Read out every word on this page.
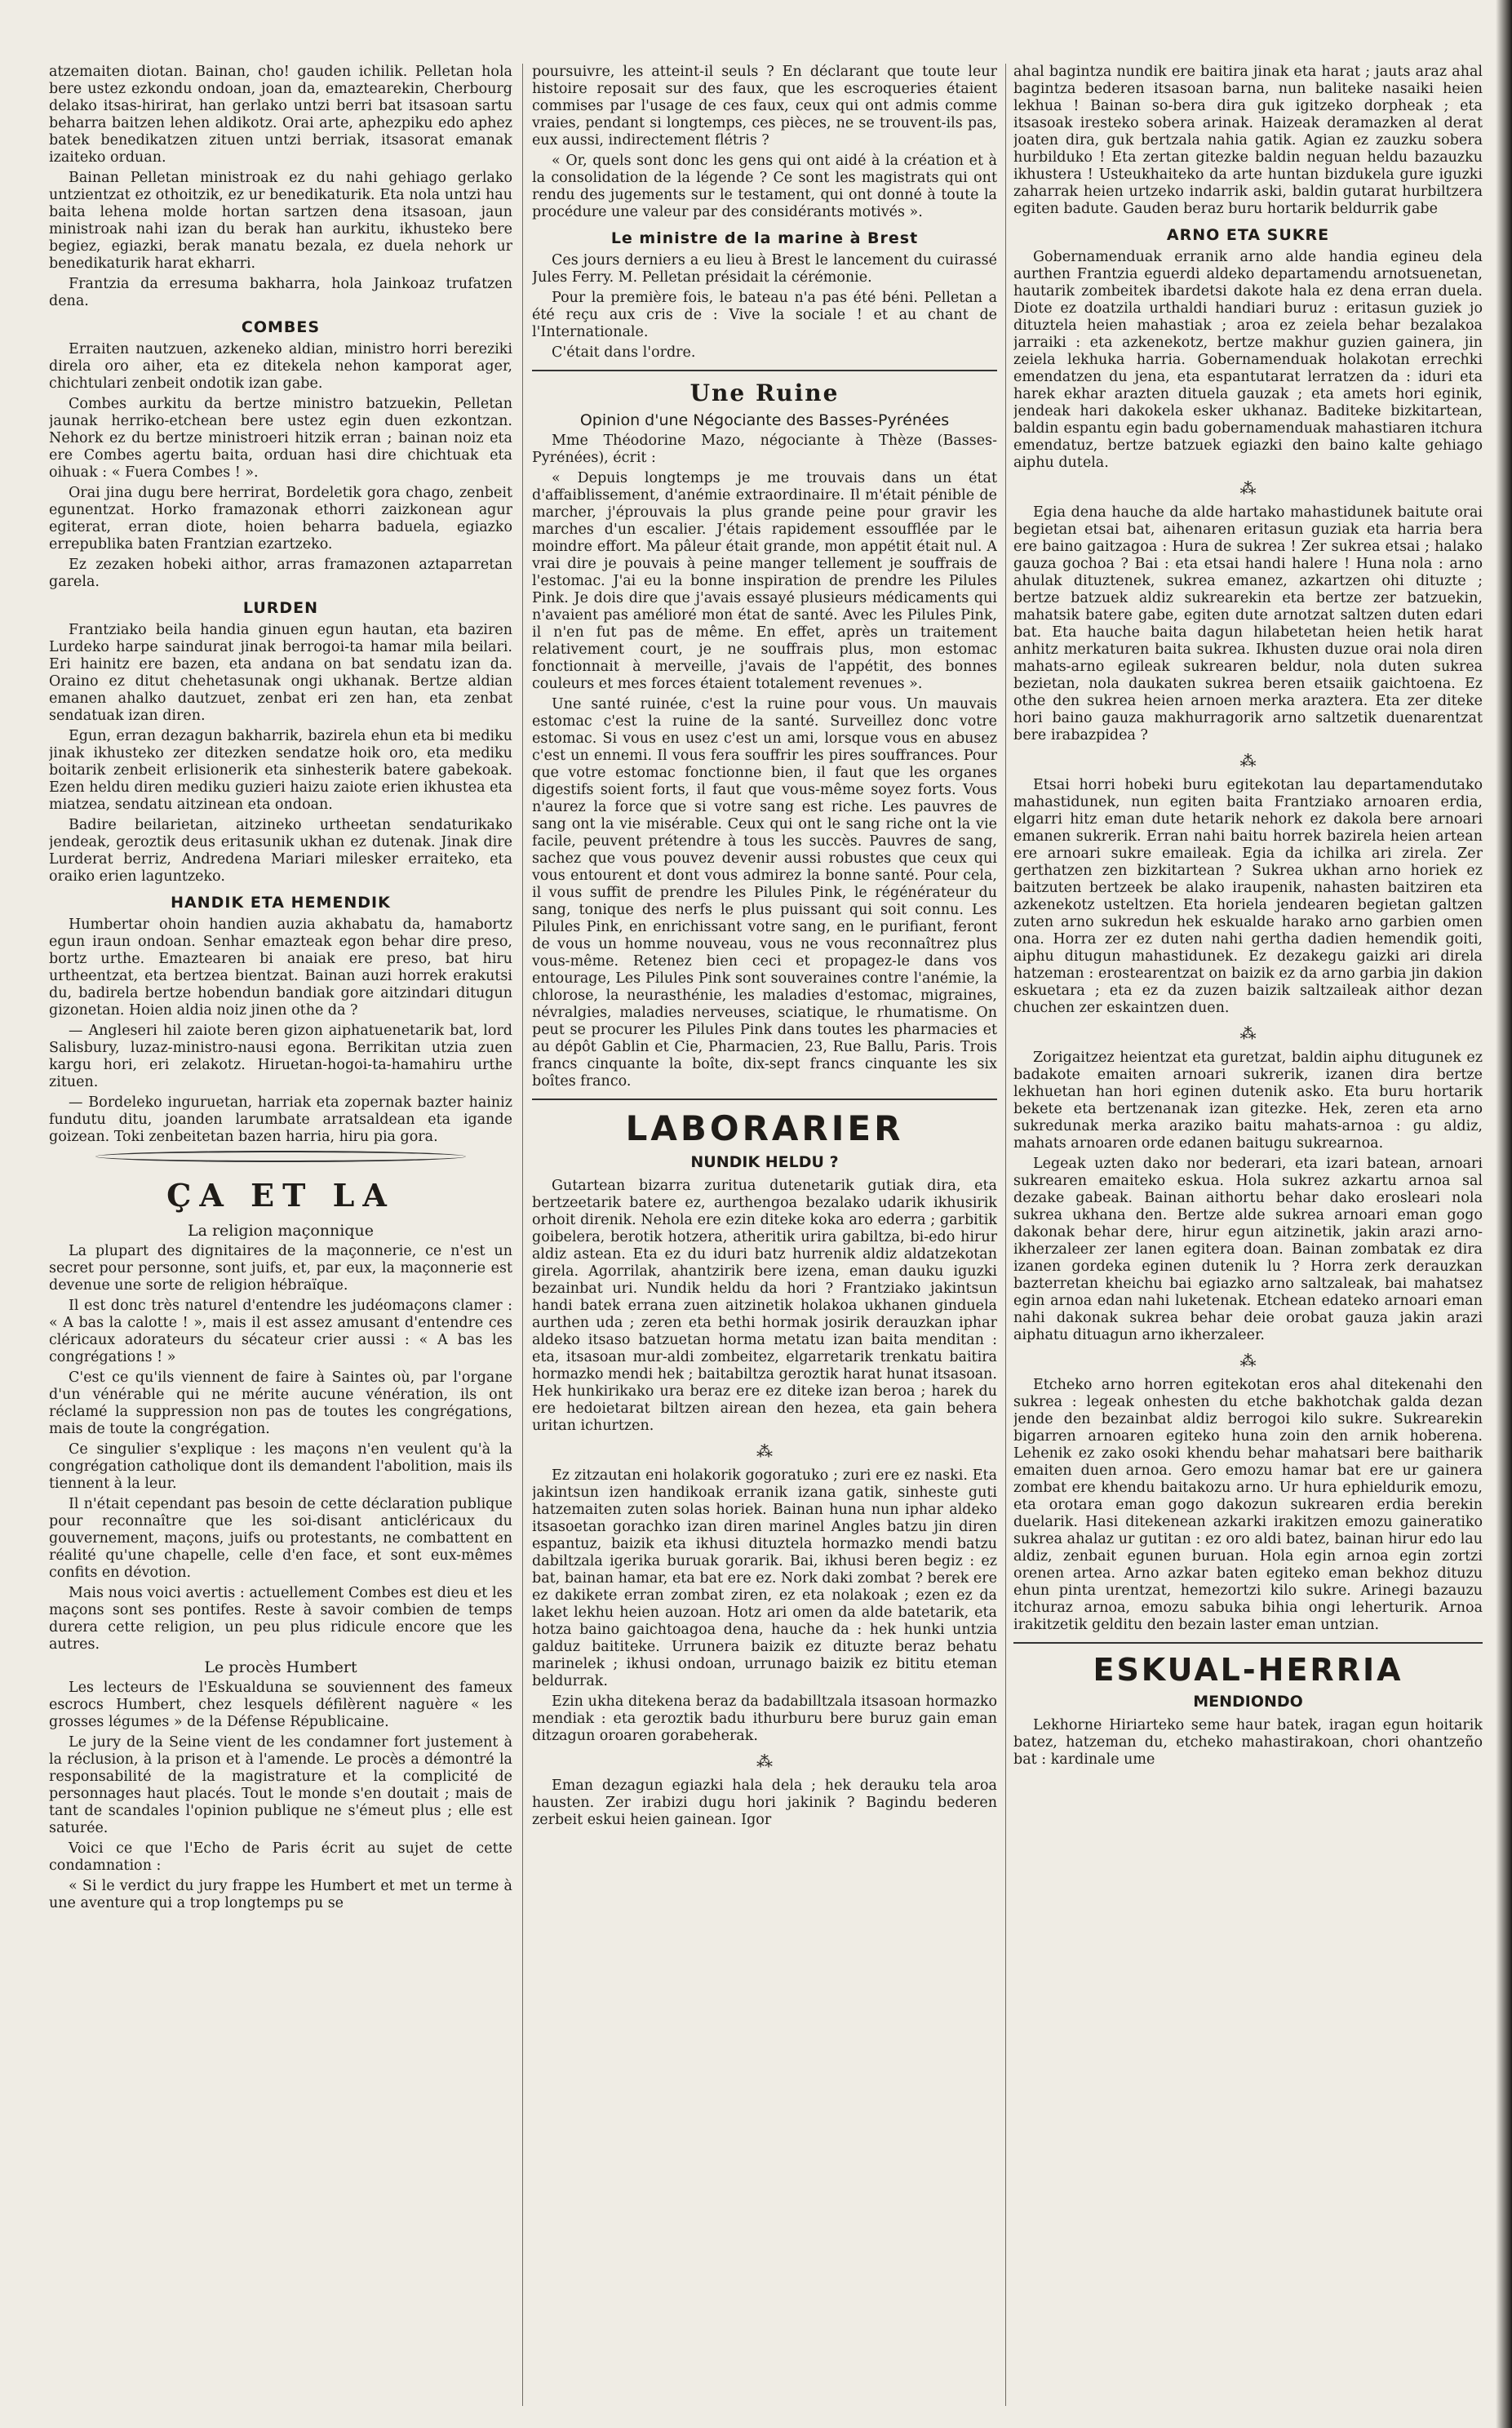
atzemaiten diotan. Bainan, cho! gauden ichilik. Pelletan hola bere ustez ezkondu ondoan, joan da, emaztearekin, Cherbourg delako itsas-hirirat, han gerlako untzi berri bat itsasoan sartu beharra baitzen lehen aldikotz. Orai arte, aphezpiku edo aphez batek benedikatzen zituen untzi berriak, itsasorat emanak izaiteko orduan.

Bainan Pelletan ministroak ez du nahi gehiago gerlako untzientzat ez othoitzik, ez ur benedikaturik. Eta nola untzi hau baita lehena molde hortan sartzen dena itsasoan, jaun ministroak nahi izan du berak han aurkitu, ikhusteko bere begiez, egiazki, berak manatu bezala, ez duela nehork ur benedikaturik harat ekharri.

Frantzia da erresuma bakharra, hola Jainkoaz trufatzen dena.

COMBES

Erraiten nautzuen, azkeneko aldian, ministro horri bereziki direla oro aiher, eta ez ditekela nehon kamporat ager, chichtulari zenbeit ondotik izan gabe.

Combes aurkitu da bertze ministro batzuekin, Pelletan jaunak herriko-etchean bere ustez egin duen ezkontzan. Nehork ez du bertze ministroeri hitzik erran ; bainan noiz eta ere Combes agertu baita, orduan hasi dire chichtuak eta oihuak : « Fuera Combes ! ».

Orai jina dugu bere herrirat, Bordeletik gora chago, zenbeit egunentzat. Horko framazonak ethorri zaizkonean agur egiterat, erran diote, hoien beharra baduela, egiazko errepublika baten Frantzian ezartzeko.

Ez zezaken hobeki aithor, arras framazonen aztaparretan garela.

LURDEN

Frantziako beila handia ginuen egun hautan, eta baziren Lurdeko harpe saindurat jinak berrogoi-ta hamar mila beilari. Eri hainitz ere bazen, eta andana on bat sendatu izan da. Oraino ez ditut chehetasunak ongi ukhanak. Bertze aldian emanen ahalko dautzuet, zenbat eri zen han, eta zenbat sendatuak izan diren.

Egun, erran dezagun bakharrik, bazirela ehun eta bi mediku jinak ikhusteko zer ditezken sendatze hoik oro, eta mediku boitarik zenbeit erlisionerik eta sinhesterik batere gabekoak. Ezen heldu diren mediku guzieri haizu zaiote erien ikhustea eta miatzea, sendatu aitzinean eta ondoan.

Badire beilarietan, aitzineko urtheetan sendaturikako jendeak, geroztik deus eritasunik ukhan ez dutenak. Jinak dire Lurderat berriz, Andredena Mariari milesker erraiteko, eta oraiko erien laguntzeko.

HANDIK ETA HEMENDIK

Humbertar ohoin handien auzia akhabatu da, hamabortz egun iraun ondoan. Senhar emazteak egon behar dire preso, bortz urthe. Emaztearen bi anaiak ere preso, bat hiru urtheentzat, eta bertzea bientzat. Bainan auzi horrek erakutsi du, badirela bertze hobendun bandiak gore aitzindari ditugun gizonetan. Hoien aldia noiz jinen othe da ?

— Angleseri hil zaiote beren gizon aiphatuenetarik bat, lord Salisbury, luzaz-ministro-nausi egona. Berrikitan utzia zuen kargu hori, eri zelakotz. Hiruetan-hogoi-ta-hamahiru urthe zituen.

— Bordeleko inguruetan, harriak eta zopernak bazter hainiz fundutu ditu, joanden larumbate arratsaldean eta igande goizean. Toki zenbeitetan bazen harria, hiru pia gora.

ÇA ET LA
La religion maçonnique

La plupart des dignitaires de la maçonnerie, ce n'est un secret pour personne, sont juifs, et, par eux, la maçonnerie est devenue une sorte de religion hébraïque.

Il est donc très naturel d'entendre les judéomaçons clamer : « A bas la calotte ! », mais il est assez amusant d'entendre ces cléricaux adorateurs du sécateur crier aussi : « A bas les congrégations ! »

C'est ce qu'ils viennent de faire à Saintes où, par l'organe d'un vénérable qui ne mérite aucune vénération, ils ont réclamé la suppression non pas de toutes les congrégations, mais de toute la congrégation.

Ce singulier s'explique : les maçons n'en veulent qu'à la congrégation catholique dont ils demandent l'abolition, mais ils tiennent à la leur.

Il n'était cependant pas besoin de cette déclaration publique pour reconnaître que les soi-disant anticléricaux du gouvernement, maçons, juifs ou protestants, ne combattent en réalité qu'une chapelle, celle d'en face, et sont eux-mêmes confits en dévotion.

Mais nous voici avertis : actuellement Combes est dieu et les maçons sont ses pontifes. Reste à savoir combien de temps durera cette religion, un peu plus ridicule encore que les autres.

Le procès Humbert

Les lecteurs de l'Eskualduna se souviennent des fameux escrocs Humbert, chez lesquels défilèrent naguère « les grosses légumes » de la Défense Républicaine.

Le jury de la Seine vient de les condamner fort justement à la réclusion, à la prison et à l'amende. Le procès a démontré la responsabilité de la magistrature et la complicité de personnages haut placés. Tout le monde s'en doutait ; mais de tant de scandales l'opinion publique ne s'émeut plus ; elle est saturée.

Voici ce que l'Echo de Paris écrit au sujet de cette condamnation :

« Si le verdict du jury frappe les Humbert et met un terme à une aventure qui a trop longtemps pu se

poursuivre, les atteint-il seuls ? En déclarant que toute leur histoire reposait sur des faux, que les escroqueries étaient commises par l'usage de ces faux, ceux qui ont admis comme vraies, pendant si longtemps, ces pièces, ne se trouvent-ils pas, eux aussi, indirectement flétris ?

« Or, quels sont donc les gens qui ont aidé à la création et à la consolidation de la légende ? Ce sont les magistrats qui ont rendu des jugements sur le testament, qui ont donné à toute la procédure une valeur par des considérants motivés ».

Le ministre de la marine à Brest

Ces jours derniers a eu lieu à Brest le lancement du cuirassé Jules Ferry. M. Pelletan présidait la cérémonie.

Pour la première fois, le bateau n'a pas été béni. Pelletan a été reçu aux cris de : Vive la sociale ! et au chant de l'Internationale.

C'était dans l'ordre.

Une Ruine
Opinion d'une Négociante des Basses-Pyrénées

Mme Théodorine Mazo, négociante à Thèze (Basses-Pyrénées), écrit :

« Depuis longtemps je me trouvais dans un état d'affaiblissement, d'anémie extraordinaire. Il m'était pénible de marcher, j'éprouvais la plus grande peine pour gravir les marches d'un escalier. J'étais rapidement essoufflée par le moindre effort. Ma pâleur était grande, mon appétit était nul. A vrai dire je pouvais à peine manger tellement je souffrais de l'estomac. J'ai eu la bonne inspiration de prendre les Pilules Pink. Je dois dire que j'avais essayé plusieurs médicaments qui n'avaient pas amélioré mon état de santé. Avec les Pilules Pink, il n'en fut pas de même. En effet, après un traitement relativement court, je ne souffrais plus, mon estomac fonctionnait à merveille, j'avais de l'appétit, des bonnes couleurs et mes forces étaient totalement revenues ».

Une santé ruinée, c'est la ruine pour vous. Un mauvais estomac c'est la ruine de la santé. Surveillez donc votre estomac. Si vous en usez c'est un ami, lorsque vous en abusez c'est un ennemi. Il vous fera souffrir les pires souffrances. Pour que votre estomac fonctionne bien, il faut que les organes digestifs soient forts, il faut que vous-même soyez forts. Vous n'aurez la force que si votre sang est riche. Les pauvres de sang ont la vie misérable. Ceux qui ont le sang riche ont la vie facile, peuvent prétendre à tous les succès. Pauvres de sang, sachez que vous pouvez devenir aussi robustes que ceux qui vous entourent et dont vous admirez la bonne santé. Pour cela, il vous suffit de prendre les Pilules Pink, le régénérateur du sang, tonique des nerfs le plus puissant qui soit connu. Les Pilules Pink, en enrichissant votre sang, en le purifiant, feront de vous un homme nouveau, vous ne vous reconnaîtrez plus vous-même. Retenez bien ceci et propagez-le dans vos entourage, Les Pilules Pink sont souveraines contre l'anémie, la chlorose, la neurasthénie, les maladies d'estomac, migraines, névralgies, maladies nerveuses, sciatique, le rhumatisme. On peut se procurer les Pilules Pink dans toutes les pharmacies et au dépôt Gablin et Cie, Pharmacien, 23, Rue Ballu, Paris. Trois francs cinquante la boîte, dix-sept francs cinquante les six boîtes franco.

LABORARIER
NUNDIK HELDU ?

Gutartean bizarra zuritua dutenetarik gutiak dira, eta bertzeetarik batere ez, aurthengoa bezalako udarik ikhusirik orhoit direnik. Nehola ere ezin diteke koka aro ederra ; garbitik goibelera, berotik hotzera, atheritik urira gabiltza, bi-edo hirur aldiz astean. Eta ez du iduri batz hurrenik aldiz aldatzekotan girela. Agorrilak, ahantzirik bere izena, eman dauku iguzki bezainbat uri. Nundik heldu da hori ? Frantziako jakintsun handi batek errana zuen aitzinetik holakoa ukhanen ginduela aurthen uda ; zeren eta bethi hormak josirik derauzkan iphar aldeko itsaso batzuetan horma metatu izan baita menditan : eta, itsasoan mur-aldi zombeitez, elgarretarik trenkatu baitira hormazko mendi hek ; baitabiltza geroztik harat hunat itsasoan. Hek hunkirikako ura beraz ere ez diteke izan beroa ; harek du ere hedoietarat biltzen airean den hezea, eta gain behera uritan ichurtzen.

⁂

Ez zitzautan eni holakorik gogoratuko ; zuri ere ez naski. Eta jakintsun izen handikoak erranik izana gatik, sinheste guti hatzemaiten zuten solas horiek. Bainan huna nun iphar aldeko itsasoetan gorachko izan diren marinel Angles batzu jin diren espantuz, baizik eta ikhusi dituztela hormazko mendi batzu dabiltzala igerika buruak gorarik. Bai, ikhusi beren begiz : ez bat, bainan hamar, eta bat ere ez. Nork daki zombat ? berek ere ez dakikete erran zombat ziren, ez eta nolakoak ; ezen ez da laket lekhu heien auzoan. Hotz ari omen da alde batetarik, eta hotza baino gaichtoagoa dena, hauche da : hek hunki untzia galduz baititeke. Urrunera baizik ez dituzte beraz behatu marinelek ; ikhusi ondoan, urrunago baizik ez bititu eteman beldurrak.

Ezin ukha ditekena beraz da badabilltzala itsasoan hormazko mendiak : eta geroztik badu ithurburu bere buruz gain eman ditzagun oroaren gorabeherak.

⁂

Eman dezagun egiazki hala dela ; hek derauku tela aroa hausten. Zer irabizi dugu hori jakinik ? Bagindu bederen zerbeit eskui heien gainean. Igor

ahal bagintza nundik ere baitira jinak eta harat ; jauts araz ahal bagintza bederen itsasoan barna, nun baliteke nasaiki heien lekhua ! Bainan so-bera dira guk igitzeko dorpheak ; eta itsasoak iresteko sobera arinak. Haizeak deramazken al derat joaten dira, guk bertzala nahia gatik. Agian ez zauzku sobera hurbilduko ! Eta zertan gitezke baldin neguan heldu bazauzku ikhustera ! Usteukhaiteko da arte huntan bizdukela gure iguzki zaharrak heien urtzeko indarrik aski, baldin gutarat hurbiltzera egiten badute. Gauden beraz buru hortarik beldurrik gabe

ARNO ETA SUKRE

Gobernamenduak erranik arno alde handia egineu dela aurthen Frantzia eguerdi aldeko departamendu arnotsuenetan, hautarik zombeitek ibardetsi dakote hala ez dena erran duela. Diote ez doatzila urthaldi handiari buruz : eritasun guziek jo dituztela heien mahastiak ; aroa ez zeiela behar bezalakoa jarraiki : eta azkenekotz, bertze makhur guzien gainera, jin zeiela lekhuka harria. Gobernamenduak holakotan errechki emendatzen du jena, eta espantutarat lerratzen da : iduri eta harek ekhar arazten dituela gauzak ; eta amets hori eginik, jendeak hari dakokela esker ukhanaz. Baditeke bizkitartean, baldin espantu egin badu gobernamenduak mahastiaren itchura emendatuz, bertze batzuek egiazki den baino kalte gehiago aiphu dutela.

⁂

Egia dena hauche da alde hartako mahastidunek baitute orai begietan etsai bat, aihenaren eritasun guziak eta harria bera ere baino gaitzagoa : Hura de sukrea ! Zer sukrea etsai ; halako gauza gochoa ? Bai : eta etsai handi halere ! Huna nola : arno ahulak dituztenek, sukrea emanez, azkartzen ohi dituzte ; bertze batzuek aldiz sukrearekin eta bertze zer batzuekin, mahatsik batere gabe, egiten dute arnotzat saltzen duten edari bat. Eta hauche baita dagun hilabetetan heien hetik harat anhitz merkaturen baita sukrea. Ikhusten duzue orai nola diren mahats-arno egileak sukrearen beldur, nola duten sukrea bezietan, nola daukaten sukrea beren etsaiik gaichtoena. Ez othe den sukrea heien arnoen merka araztera. Eta zer diteke hori baino gauza makhurragorik arno saltzetik duenarentzat bere irabazpidea ?

⁂

Etsai horri hobeki buru egitekotan lau departamendutako mahastidunek, nun egiten baita Frantziako arnoaren erdia, elgarri hitz eman dute hetarik nehork ez dakola bere arnoari emanen sukrerik. Erran nahi baitu horrek bazirela heien artean ere arnoari sukre emaileak. Egia da ichilka ari zirela. Zer gerthatzen zen bizkitartean ? Sukrea ukhan arno horiek ez baitzuten bertzeek be alako iraupenik, nahasten baitziren eta azkenekotz usteltzen. Eta horiela jendearen begietan galtzen zuten arno sukredun hek eskualde harako arno garbien omen ona. Horra zer ez duten nahi gertha dadien hemendik goiti, aiphu ditugun mahastidunek. Ez dezakegu gaizki ari direla hatzeman : erostearentzat on baizik ez da arno garbia jin dakion eskuetara ; eta ez da zuzen baizik saltzaileak aithor dezan chuchen zer eskaintzen duen.

⁂

Zorigaitzez heientzat eta guretzat, baldin aiphu ditugunek ez badakote emaiten arnoari sukrerik, izanen dira bertze lekhuetan han hori eginen dutenik asko. Eta buru hortarik bekete eta bertzenanak izan gitezke. Hek, zeren eta arno sukredunak merka araziko baitu mahats-arnoa : gu aldiz, mahats arnoaren orde edanen baitugu sukrearnoa.

Legeak uzten dako nor bederari, eta izari batean, arnoari sukrearen emaiteko eskua. Hola sukrez azkartu arnoa sal dezake gabeak. Bainan aithortu behar dako erosleari nola sukrea ukhana den. Bertze alde sukrea arnoari eman gogo dakonak behar dere, hirur egun aitzinetik, jakin arazi arno-ikherzaleer zer lanen egitera doan. Bainan zombatak ez dira izanen gordeka eginen dutenik lu ? Horra zerk derauzkan bazterretan kheichu bai egiazko arno saltzaleak, bai mahatsez egin arnoa edan nahi luketenak. Etchean edateko arnoari eman nahi dakonak sukrea behar deie orobat gauza jakin arazi aiphatu dituagun arno ikherzaleer.

⁂

Etcheko arno horren egitekotan eros ahal ditekenahi den sukrea : legeak onhesten du etche bakhotchak galda dezan jende den bezainbat aldiz berrogoi kilo sukre. Sukrearekin bigarren arnoaren egiteko huna zoin den arnik hoberena. Lehenik ez zako osoki khendu behar mahatsari bere baitharik emaiten duen arnoa. Gero emozu hamar bat ere ur gainera zombat ere khendu baitakozu arno. Ur hura ephieldurik emozu, eta orotara eman gogo dakozun sukrearen erdia berekin duelarik. Hasi ditekenean azkarki irakitzen emozu gaineratiko sukrea ahalaz ur gutitan : ez oro aldi batez, bainan hirur edo lau aldiz, zenbait egunen buruan. Hola egin arnoa egin zortzi orenen artea. Arno azkar baten egiteko eman bekhoz dituzu ehun pinta urentzat, hemezortzi kilo sukre. Arinegi bazauzu itchuraz arnoa, emozu sabuka bihia ongi leherturik. Arnoa irakitzetik gelditu den bezain laster eman untzian.

ESKUAL-HERRIA
MENDIONDO

Lekhorne Hiriarteko seme haur batek, iragan egun hoitarik batez, hatzeman du, etcheko mahastirakoan, chori ohantzeño bat : kardinale ume
